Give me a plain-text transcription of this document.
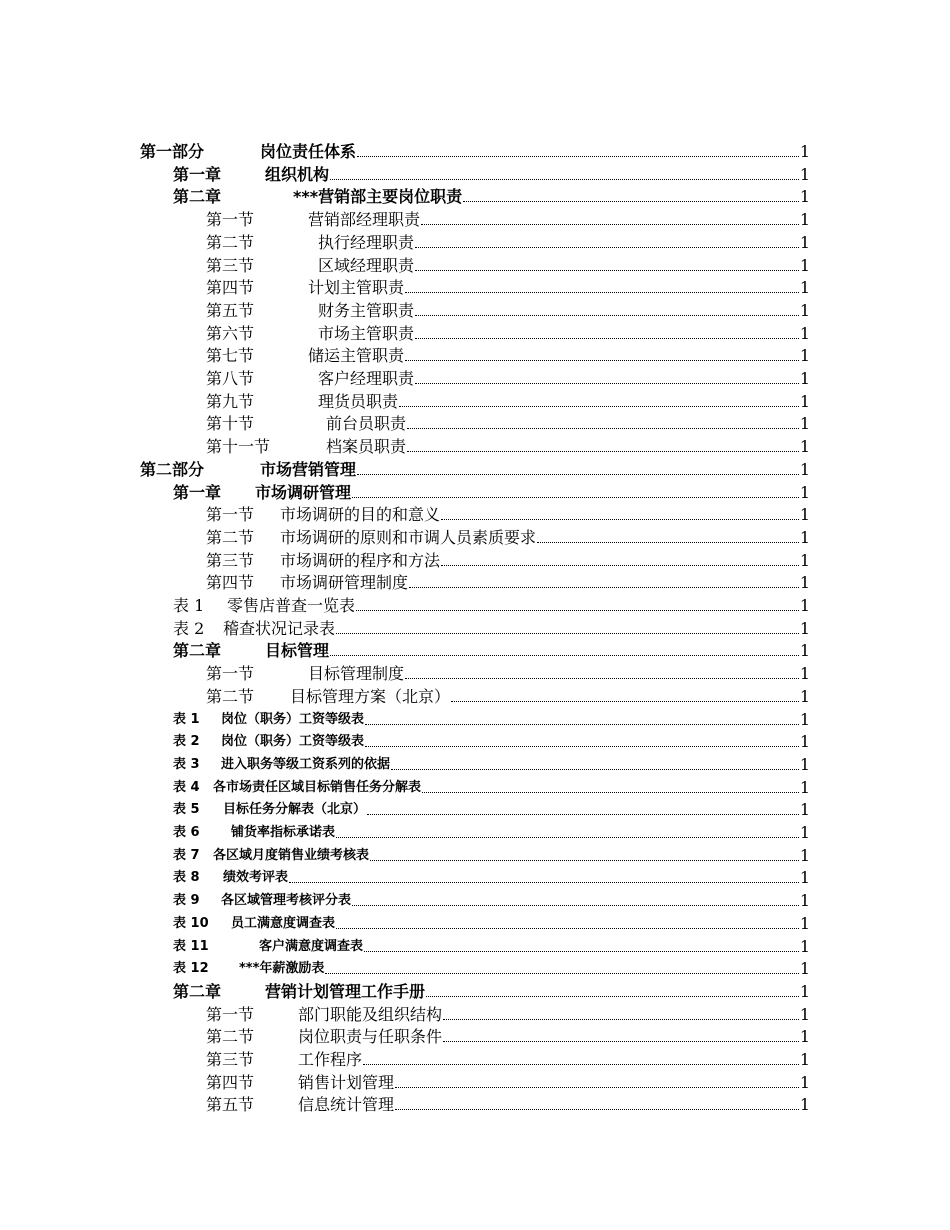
第一部分	岗位责任体系	1
第一章	组织机构	1
第二章	***营销部主要岗位职责	1
第一节	营销部经理职责	1
第二节	执行经理职责	1
第三节	区域经理职责	1
第四节	计划主管职责	1
第五节	财务主管职责	1
第六节	市场主管职责	1
第七节	储运主管职责	1
第八节	客户经理职责	1
第九节	理货员职责	1
第十节	前台员职责	1
第十一节	档案员职责	1
第二部分	市场营销管理	1
第一章 市场调研管理	1
第一节 市场调研的目的和意义	1
第二节 市场调研的原则和市调人员素质要求	1
第三节 市场调研的程序和方法	1
第四节 市场调研管理制度	1
表 1 零售店普查一览表	1
表 2 稽查状况记录表	1
第二章	目标管理	1
第一节	目标管理制度	1
第二节 目标管理方案（北京）	1
表 1 岗位（职务）工资等级表	1
表 2 岗位（职务）工资等级表	1
表 3 进入职务等级工资系列的依据	1
表 4 各市场责任区域目标销售任务分解表	1
表 5 目标任务分解表（北京）	1
表 6 铺货率指标承诺表	1
表 7 各区域月度销售业绩考核表	1
表 8 绩效考评表	1
表 9 各区域管理考核评分表	1
表 10 员工满意度调查表	1
表 11	客户满意度调查表	1
表 12 ***年薪激励表	1
第二章	营销计划管理工作手册	1
第一节	部门职能及组织结构	1
第二节	岗位职责与任职条件	1
第三节	工作程序	1
第四节	销售计划管理	1
第五节	信息统计管理	1
